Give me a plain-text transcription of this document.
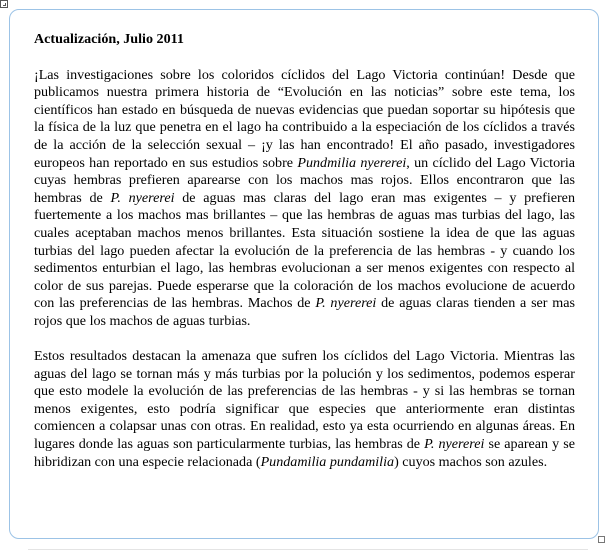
Actualización, Julio 2011

¡Las investigaciones sobre los coloridos cíclidos del Lago Victoria continúan! Desde que publicamos nuestra primera historia de “Evolución en las noticias” sobre este tema, los científicos han estado en búsqueda de nuevas evidencias que puedan soportar su hipótesis que la física de la luz que penetra en el lago ha contribuido a la especiación de los cíclidos a través de la acción de la selección sexual – ¡y las han encontrado! El año pasado, investigadores europeos han reportado en sus estudios sobre Pundmilia nyererei, un cíclido del Lago Victoria cuyas hembras prefieren aparearse con los machos mas rojos. Ellos encontraron que las hembras de P. nyererei de aguas mas claras del lago eran mas exigentes – y prefieren fuertemente a los machos mas brillantes – que las hembras de aguas mas turbias del lago, las cuales aceptaban machos menos brillantes. Esta situación sostiene la idea de que las aguas turbias del lago pueden afectar la evolución de la preferencia de las hembras - y cuando los sedimentos enturbian el lago, las hembras evolucionan a ser menos exigentes con respecto al color de sus parejas. Puede esperarse que la coloración de los machos evolucione de acuerdo con las preferencias de las hembras. Machos de P. nyererei de aguas claras tienden a ser mas rojos que los machos de aguas turbias.

Estos resultados destacan la amenaza que sufren los cíclidos del Lago Victoria. Mientras las aguas del lago se tornan más y más turbias por la polución y los sedimentos, podemos esperar que esto modele la evolución de las preferencias de las hembras - y si las hembras se tornan menos exigentes, esto podría significar que especies que anteriormente eran distintas comiencen a colapsar unas con otras. En realidad, esto ya esta ocurriendo en algunas áreas. En lugares donde las aguas son particularmente turbias, las hembras de P. nyererei se aparean y se hibridizan con una especie relacionada (Pundamilia pundamilia) cuyos machos son azules.
